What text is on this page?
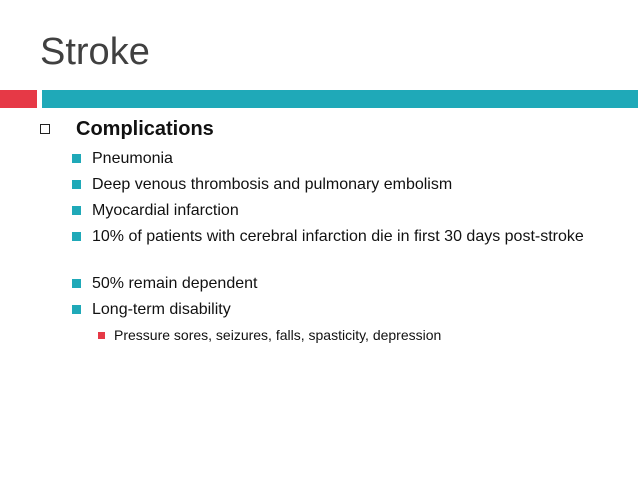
Stroke
Complications
Pneumonia
Deep venous thrombosis and pulmonary embolism
Myocardial infarction
10% of patients with cerebral infarction die in first 30 days post-stroke
50% remain dependent
Long-term disability
Pressure sores, seizures, falls, spasticity, depression
